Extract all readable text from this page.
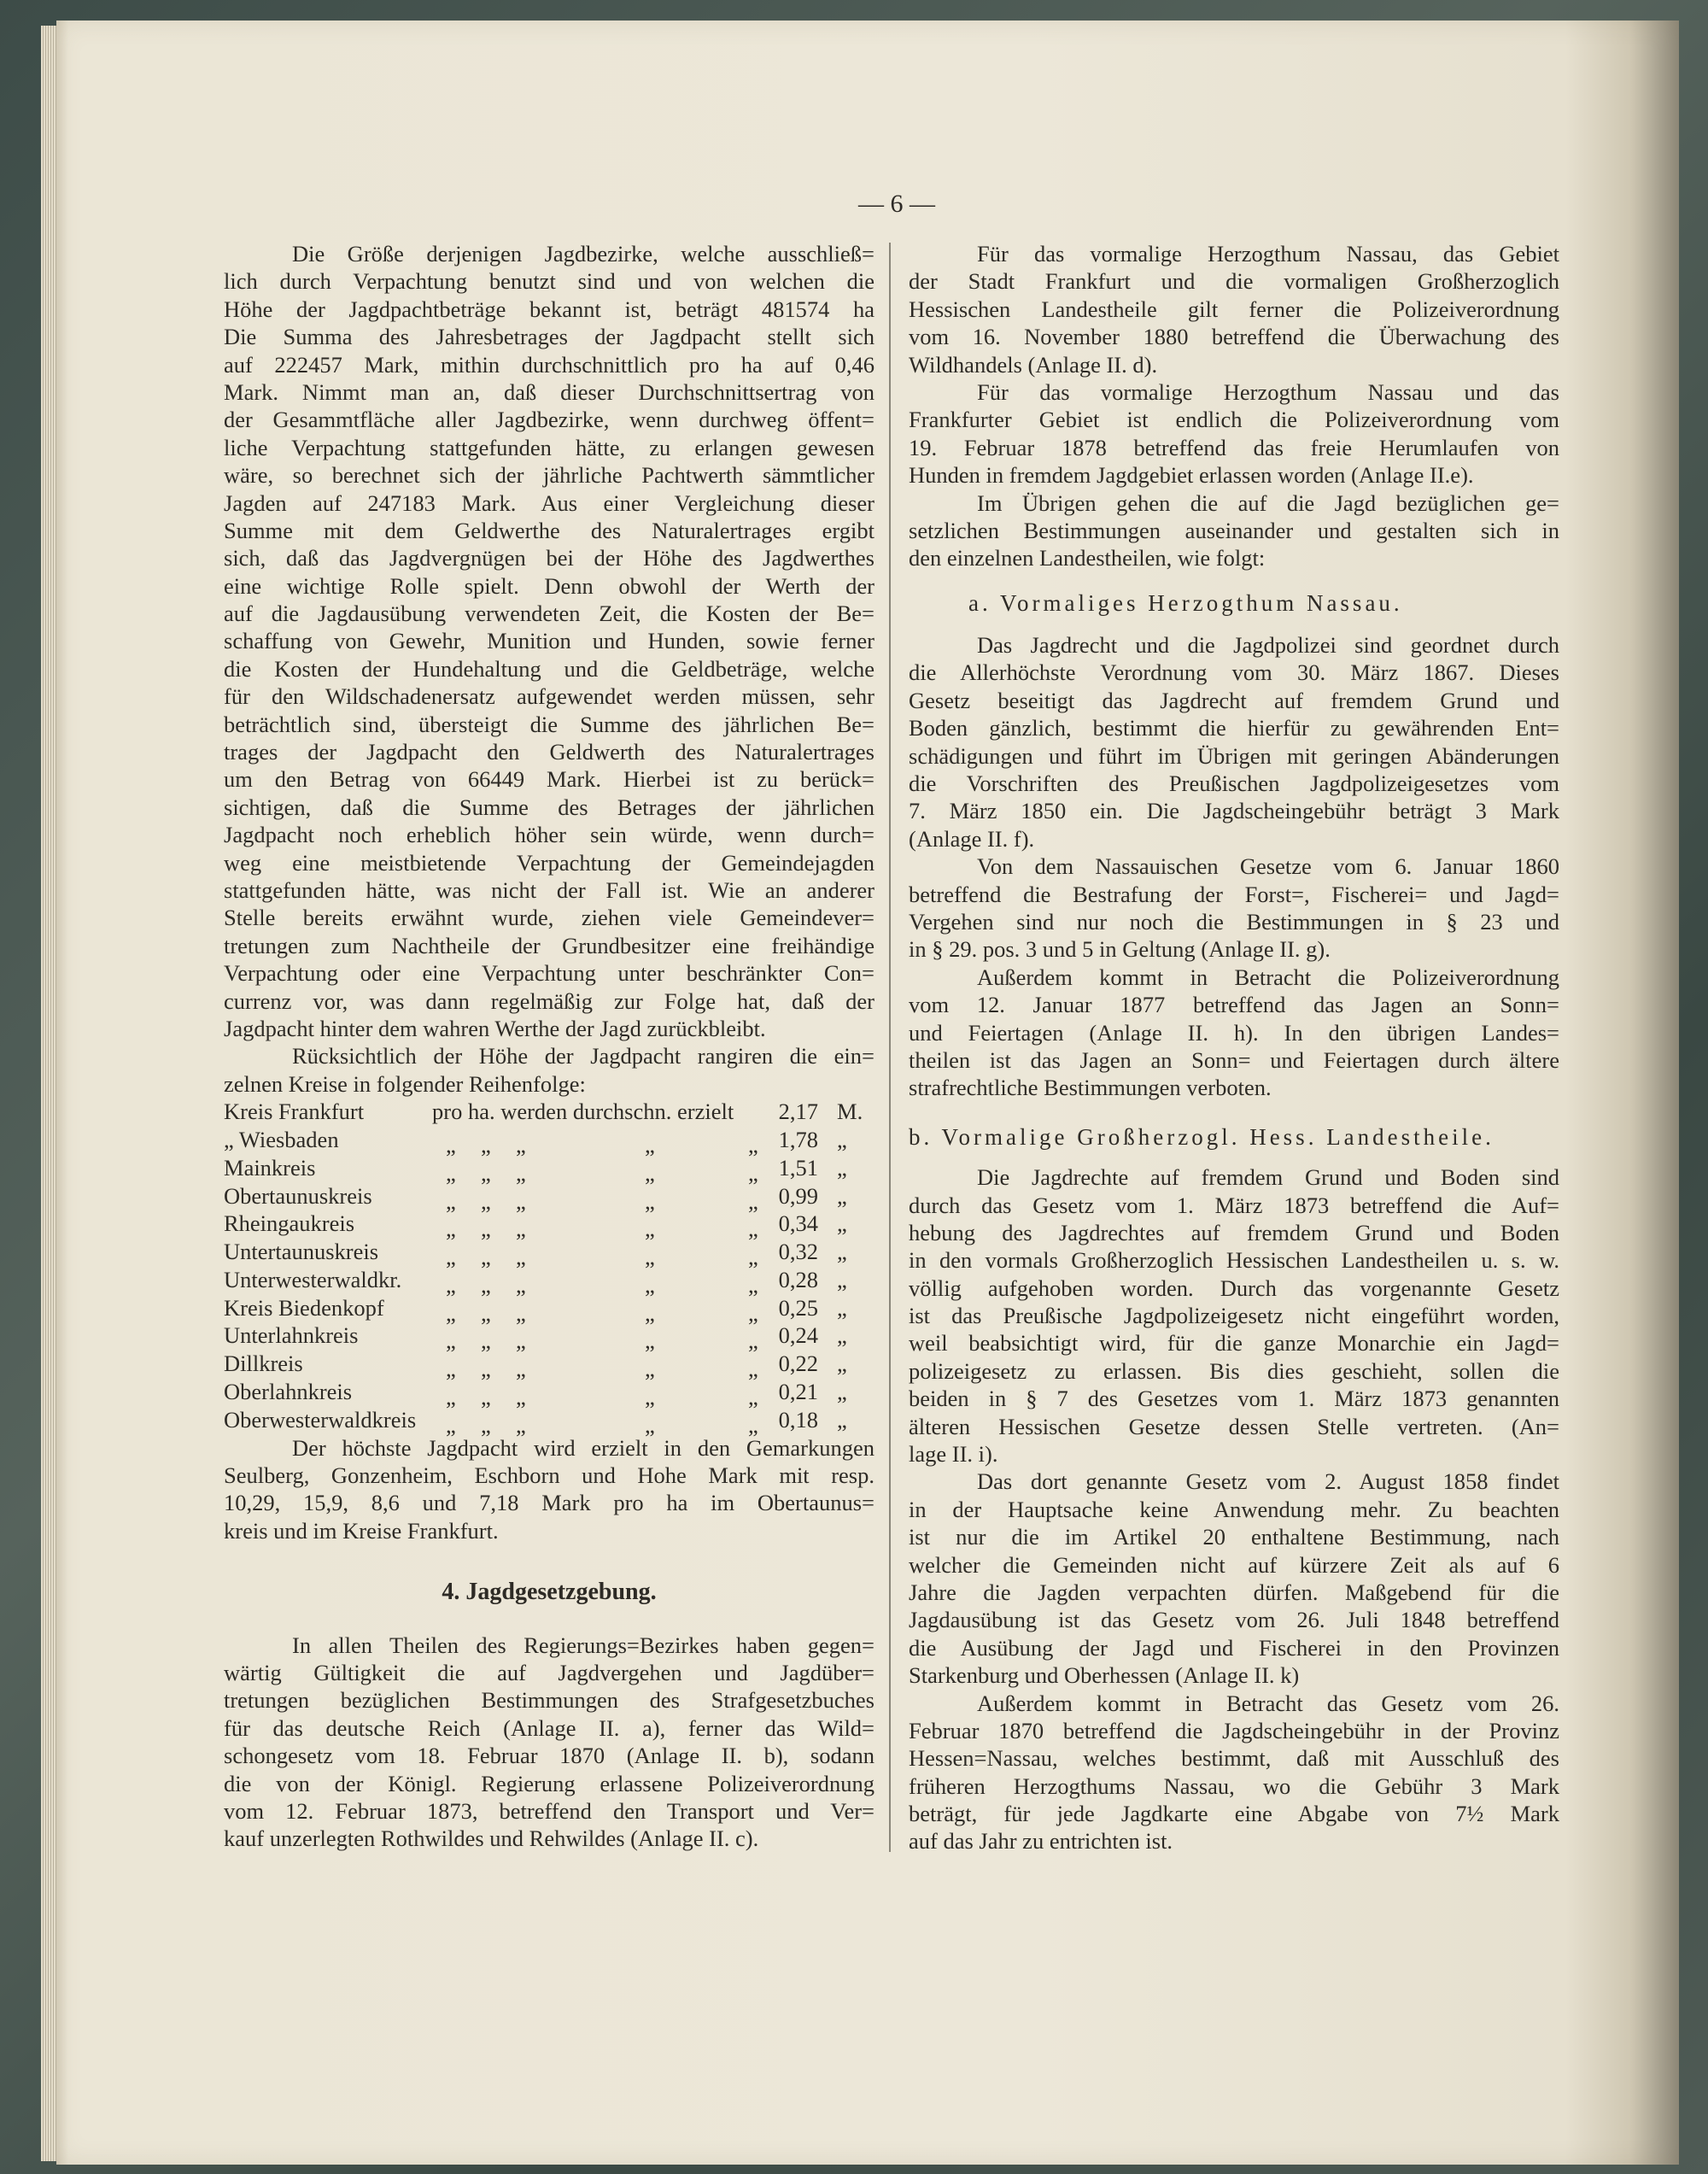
— 6 —
Die Größe derjenigen Jagdbezirke, welche ausschließ=
lich durch Verpachtung benutzt sind und von welchen die
Höhe der Jagdpachtbeträge bekannt ist, beträgt 481574 ha
Die Summa des Jahresbetrages der Jagdpacht stellt sich
auf 222457 Mark, mithin durchschnittlich pro ha auf 0,46
Mark. Nimmt man an, daß dieser Durchschnittsertrag von
der Gesammtfläche aller Jagdbezirke, wenn durchweg öffent=
liche Verpachtung stattgefunden hätte, zu erlangen gewesen
wäre, so berechnet sich der jährliche Pachtwerth sämmtlicher
Jagden auf 247183 Mark. Aus einer Vergleichung dieser
Summe mit dem Geldwerthe des Naturalertrages ergibt
sich, daß das Jagdvergnügen bei der Höhe des Jagdwerthes
eine wichtige Rolle spielt. Denn obwohl der Werth der
auf die Jagdausübung verwendeten Zeit, die Kosten der Be=
schaffung von Gewehr, Munition und Hunden, sowie ferner
die Kosten der Hundehaltung und die Geldbeträge, welche
für den Wildschadenersatz aufgewendet werden müssen, sehr
beträchtlich sind, übersteigt die Summe des jährlichen Be=
trages der Jagdpacht den Geldwerth des Naturalertrages
um den Betrag von 66449 Mark. Hierbei ist zu berück=
sichtigen, daß die Summe des Betrages der jährlichen
Jagdpacht noch erheblich höher sein würde, wenn durch=
weg eine meistbietende Verpachtung der Gemeindejagden
stattgefunden hätte, was nicht der Fall ist. Wie an anderer
Stelle bereits erwähnt wurde, ziehen viele Gemeindever=
tretungen zum Nachtheile der Grundbesitzer eine freihändige
Verpachtung oder eine Verpachtung unter beschränkter Con=
currenz vor, was dann regelmäßig zur Folge hat, daß der
Jagdpacht hinter dem wahren Werthe der Jagd zurückbleibt.
Rücksichtlich der Höhe der Jagdpacht rangiren die ein=
zelnen Kreise in folgender Reihenfolge:
Kreis Frankfurt	pro ha. werden durchschn. erzielt 2,17 M.
„ Wiesbaden	„ „ „	„	„ 1,78 „
Mainkreis	„ „ „	„	„ 1,51 „
Obertaunuskreis	„ „ „	„	„ 0,99 „
Rheingaukreis	„ „ „	„	„ 0,34 „
Untertaunuskreis	„ „ „	„	„ 0,32 „
Unterwesterwaldkr. „ „ „	„	„ 0,28 „
Kreis Biedenkopf	„ „ „	„	„ 0,25 „
Unterlahnkreis	„ „ „	„	„ 0,24 „
Dillkreis	„ „ „	„	„ 0,22 „
Oberlahnkreis	„ „ „	„	„ 0,21 „
Oberwesterwaldkreis „ „ „	„	„ 0,18 „
Der höchste Jagdpacht wird erzielt in den Gemarkungen
Seulberg, Gonzenheim, Eschborn und Hohe Mark mit resp.
10,29, 15,9, 8,6 und 7,18 Mark pro ha im Obertaunus=
kreis und im Kreise Frankfurt.
4. Jagdgesetzgebung.
In allen Theilen des Regierungs=Bezirkes haben gegen=
wärtig Gültigkeit die auf Jagdvergehen und Jagdüber=
tretungen bezüglichen Bestimmungen des Strafgesetzbuches
für das deutsche Reich (Anlage II. a), ferner das Wild=
schongesetz vom 18. Februar 1870 (Anlage II. b), sodann
die von der Königl. Regierung erlassene Polizeiverordnung
vom 12. Februar 1873, betreffend den Transport und Ver=
kauf unzerlegten Rothwildes und Rehwildes (Anlage II. c).
Für das vormalige Herzogthum Nassau, das Gebiet
der Stadt Frankfurt und die vormaligen Großherzoglich
Hessischen Landestheile gilt ferner die Polizeiverordnung
vom 16. November 1880 betreffend die Überwachung des
Wildhandels (Anlage II. d).
Für das vormalige Herzogthum Nassau und das
Frankfurter Gebiet ist endlich die Polizeiverordnung vom
19. Februar 1878 betreffend das freie Herumlaufen von
Hunden in fremdem Jagdgebiet erlassen worden (Anlage II.e).
Im Übrigen gehen die auf die Jagd bezüglichen ge=
setzlichen Bestimmungen auseinander und gestalten sich in
den einzelnen Landestheilen, wie folgt:
a. Vormaliges Herzogthum Nassau.
Das Jagdrecht und die Jagdpolizei sind geordnet durch
die Allerhöchste Verordnung vom 30. März 1867. Dieses
Gesetz beseitigt das Jagdrecht auf fremdem Grund und
Boden gänzlich, bestimmt die hierfür zu gewährenden Ent=
schädigungen und führt im Übrigen mit geringen Abänderungen
die Vorschriften des Preußischen Jagdpolizeigesetzes vom
7. März 1850 ein. Die Jagdscheingebühr beträgt 3 Mark
(Anlage II. f).
Von dem Nassauischen Gesetze vom 6. Januar 1860
betreffend die Bestrafung der Forst=, Fischerei= und Jagd=
Vergehen sind nur noch die Bestimmungen in § 23 und
in § 29. pos. 3 und 5 in Geltung (Anlage II. g).
Außerdem kommt in Betracht die Polizeiverordnung
vom 12. Januar 1877 betreffend das Jagen an Sonn=
und Feiertagen (Anlage II. h). In den übrigen Landes=
theilen ist das Jagen an Sonn= und Feiertagen durch ältere
strafrechtliche Bestimmungen verboten.
b. Vormalige Großherzogl. Hess. Landestheile.
Die Jagdrechte auf fremdem Grund und Boden sind
durch das Gesetz vom 1. März 1873 betreffend die Auf=
hebung des Jagdrechtes auf fremdem Grund und Boden
in den vormals Großherzoglich Hessischen Landestheilen u. s. w.
völlig aufgehoben worden. Durch das vorgenannte Gesetz
ist das Preußische Jagdpolizeigesetz nicht eingeführt worden,
weil beabsichtigt wird, für die ganze Monarchie ein Jagd=
polizeigesetz zu erlassen. Bis dies geschieht, sollen die
beiden in § 7 des Gesetzes vom 1. März 1873 genannten
älteren Hessischen Gesetze dessen Stelle vertreten. (An=
lage II. i).
Das dort genannte Gesetz vom 2. August 1858 findet
in der Hauptsache keine Anwendung mehr. Zu beachten
ist nur die im Artikel 20 enthaltene Bestimmung, nach
welcher die Gemeinden nicht auf kürzere Zeit als auf 6
Jahre die Jagden verpachten dürfen. Maßgebend für die
Jagdausübung ist das Gesetz vom 26. Juli 1848 betreffend
die Ausübung der Jagd und Fischerei in den Provinzen
Starkenburg und Oberhessen (Anlage II. k)
Außerdem kommt in Betracht das Gesetz vom 26.
Februar 1870 betreffend die Jagdscheingebühr in der Provinz
Hessen=Nassau, welches bestimmt, daß mit Ausschluß des
früheren Herzogthums Nassau, wo die Gebühr 3 Mark
beträgt, für jede Jagdkarte eine Abgabe von 7½ Mark
auf das Jahr zu entrichten ist.
